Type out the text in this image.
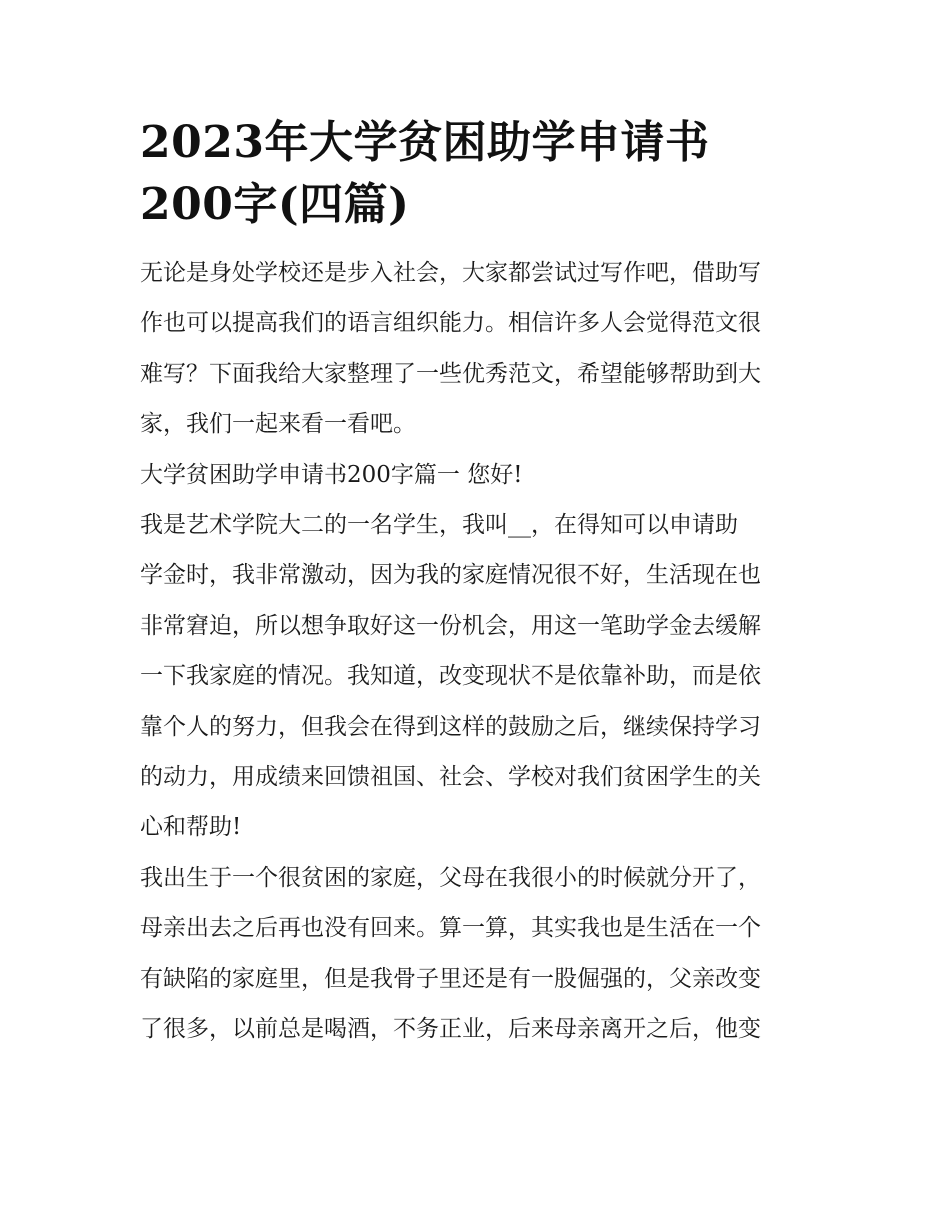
2023年大学贫困助学申请书
200字(四篇)

无论是身处学校还是步入社会，大家都尝试过写作吧，借助写
作也可以提高我们的语言组织能力。相信许多人会觉得范文很
难写？下面我给大家整理了一些优秀范文，希望能够帮助到大
家，我们一起来看一看吧。

大学贫困助学申请书200字篇一 您好!

我是艺术学院大二的一名学生，我叫__，在得知可以申请助
学金时，我非常激动，因为我的家庭情况很不好，生活现在也
非常窘迫，所以想争取好这一份机会，用这一笔助学金去缓解
一下我家庭的情况。我知道，改变现状不是依靠补助，而是依
靠个人的努力，但我会在得到这样的鼓励之后，继续保持学习
的动力，用成绩来回馈祖国、社会、学校对我们贫困学生的关
心和帮助!

我出生于一个很贫困的家庭，父母在我很小的时候就分开了，
母亲出去之后再也没有回来。算一算，其实我也是生活在一个
有缺陷的家庭里，但是我骨子里还是有一股倔强的，父亲改变
了很多，以前总是喝酒，不务正业，后来母亲离开之后，他变
